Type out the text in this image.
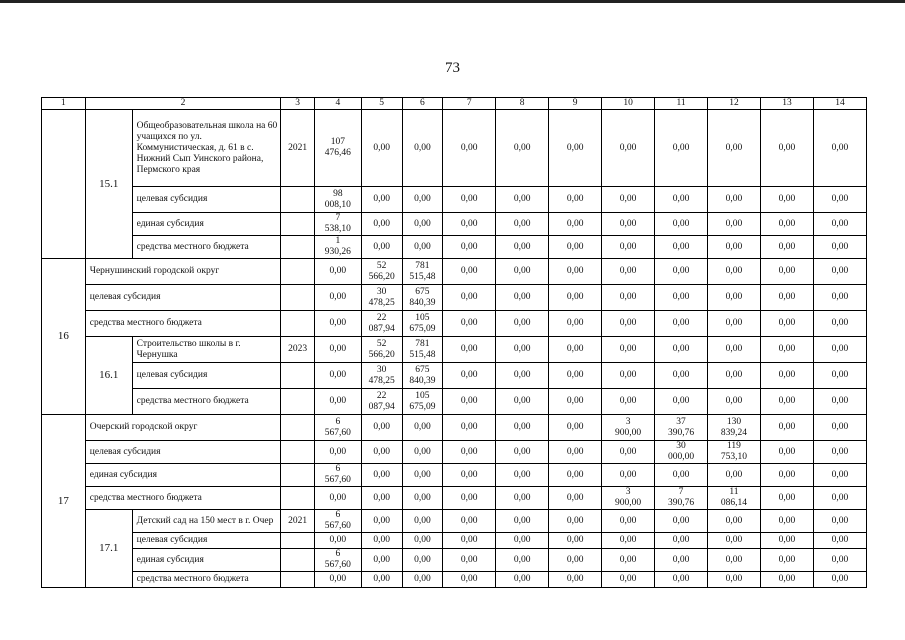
73
1	2		3	4	5	6	7	8	9	10	11	12	13	14
	15.1	Общеобразовательная школа на 60 учащихся по ул. Коммунистическая, д. 61 в с. Нижний Сып Уинского района, Пермского края	2021	107 476,46	0,00	0,00	0,00	0,00	0,00	0,00	0,00	0,00	0,00	0,00
		целевая субсидия		98 008,10	0,00	0,00	0,00	0,00	0,00	0,00	0,00	0,00	0,00	0,00
		единая субсидия		7 538,10	0,00	0,00	0,00	0,00	0,00	0,00	0,00	0,00	0,00	0,00
		средства местного бюджета		1 930,26	0,00	0,00	0,00	0,00	0,00	0,00	0,00	0,00	0,00	0,00
16	Чернушинский городской округ			0,00	52 566,20	781 515,48	0,00	0,00	0,00	0,00	0,00	0,00	0,00	0,00
	целевая субсидия			0,00	30 478,25	675 840,39	0,00	0,00	0,00	0,00	0,00	0,00	0,00	0,00
	средства местного бюджета			0,00	22 087,94	105 675,09	0,00	0,00	0,00	0,00	0,00	0,00	0,00	0,00
	16.1	Строительство школы в г. Чернушка	2023	0,00	52 566,20	781 515,48	0,00	0,00	0,00	0,00	0,00	0,00	0,00	0,00
		целевая субсидия		0,00	30 478,25	675 840,39	0,00	0,00	0,00	0,00	0,00	0,00	0,00	0,00
		средства местного бюджета		0,00	22 087,94	105 675,09	0,00	0,00	0,00	0,00	0,00	0,00	0,00	0,00
17	Очерский городской округ			6 567,60	0,00	0,00	0,00	0,00	0,00	3 900,00	37 390,76	130 839,24	0,00	0,00
	целевая субсидия			0,00	0,00	0,00	0,00	0,00	0,00	0,00	30 000,00	119 753,10	0,00	0,00
	единая субсидия			6 567,60	0,00	0,00	0,00	0,00	0,00	0,00	0,00	0,00	0,00	0,00
	средства местного бюджета			0,00	0,00	0,00	0,00	0,00	0,00	3 900,00	7 390,76	11 086,14	0,00	0,00
	17.1	Детский сад на 150 мест в г. Очер	2021	6 567,60	0,00	0,00	0,00	0,00	0,00	0,00	0,00	0,00	0,00	0,00
		целевая субсидия		0,00	0,00	0,00	0,00	0,00	0,00	0,00	0,00	0,00	0,00	0,00
		единая субсидия		6 567,60	0,00	0,00	0,00	0,00	0,00	0,00	0,00	0,00	0,00	0,00
		средства местного бюджета		0,00	0,00	0,00	0,00	0,00	0,00	0,00	0,00	0,00	0,00	0,00
